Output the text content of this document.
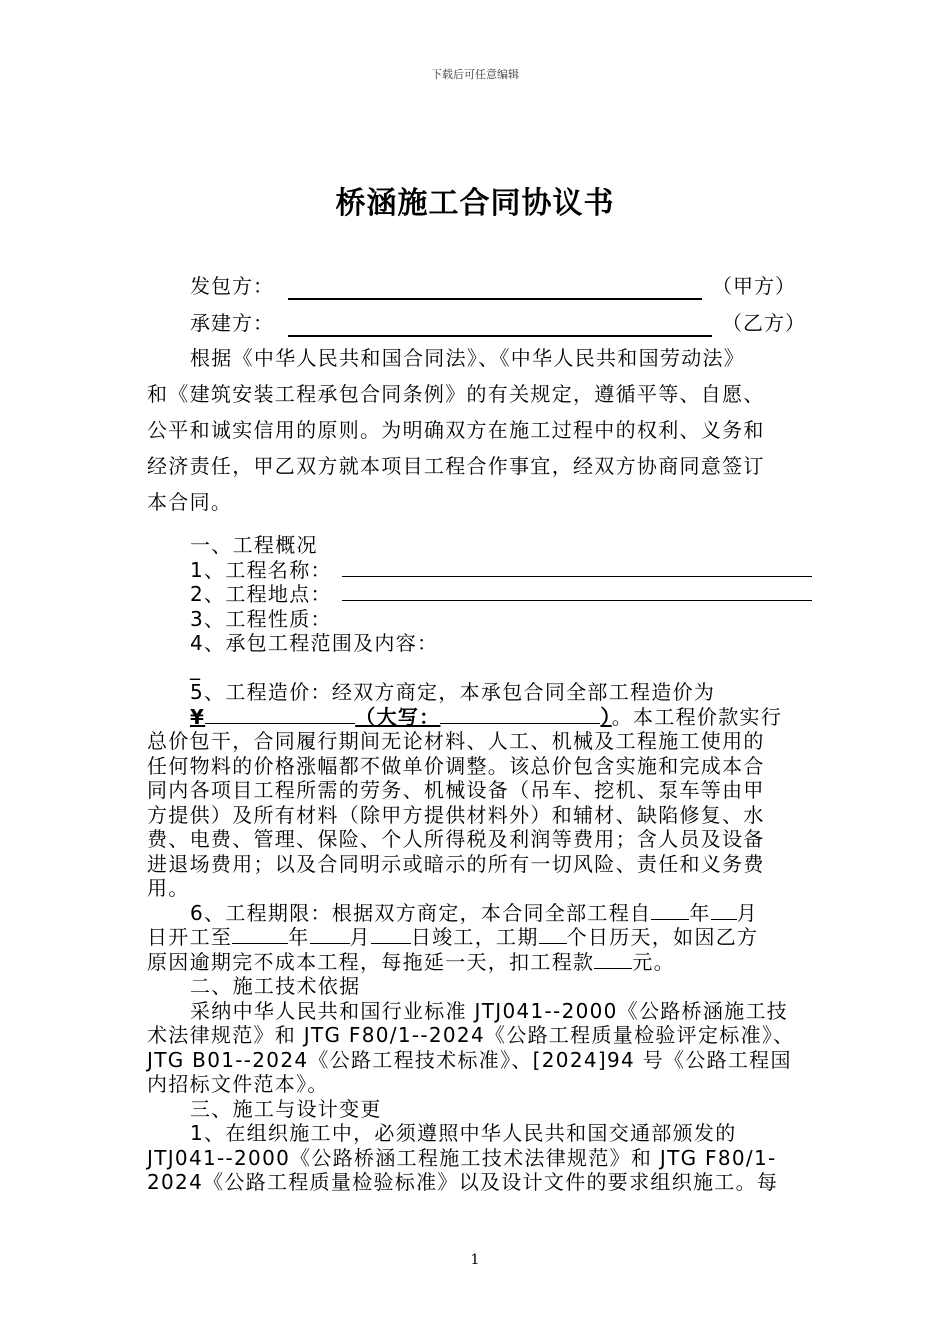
下载后可任意编辑
桥涵施工合同协议书
发包方：	（甲方）
承建方：	（乙方）
根据《中华人民共和国合同法》、《中华人民共和国劳动法》
和《建筑安装工程承包合同条例》的有关规定，遵循平等、自愿、
公平和诚实信用的原则。为明确双方在施工过程中的权利、义务和
经济责任，甲乙双方就本项目工程合作事宜，经双方协商同意签订
本合同。
一、工程概况
1、工程名称：
2、工程地点：
3、工程性质：
4、承包工程范围及内容：
_
5、工程造价：经双方商定，本承包合同全部工程造价为
¥	（大写：	）。本工程价款实行
总价包干，合同履行期间无论材料、人工、机械及工程施工使用的
任何物料的价格涨幅都不做单价调整。该总价包含实施和完成本合
同内各项目工程所需的劳务、机械设备（吊车、挖机、泵车等由甲
方提供）及所有材料（除甲方提供材料外）和辅材、缺陷修复、水
费、电费、管理、保险、个人所得税及利润等费用；含人员及设备
进退场费用；以及合同明示或暗示的所有一切风险、责任和义务费
用。
6、工程期限：根据双方商定，本合同全部工程自 年 月
日开工至	年 月 日竣工，工期 个日历天，如因乙方
原因逾期完不成本工程，每拖延一天，扣工程款 元。
二、施工技术依据
采纳中华人民共和国行业标准 JTJ041--2000《公路桥涵施工技
术法律规范》和 JTG F80/1--2024《公路工程质量检验评定标准》、
JTG B01--2024《公路工程技术标准》、[2024]94 号《公路工程国
内招标文件范本》。
三、施工与设计变更
1、在组织施工中，必须遵照中华人民共和国交通部颁发的
JTJ041--2000《公路桥涵工程施工技术法律规范》和 JTG F80/1-
2024《公路工程质量检验标准》以及设计文件的要求组织施工。每
1
